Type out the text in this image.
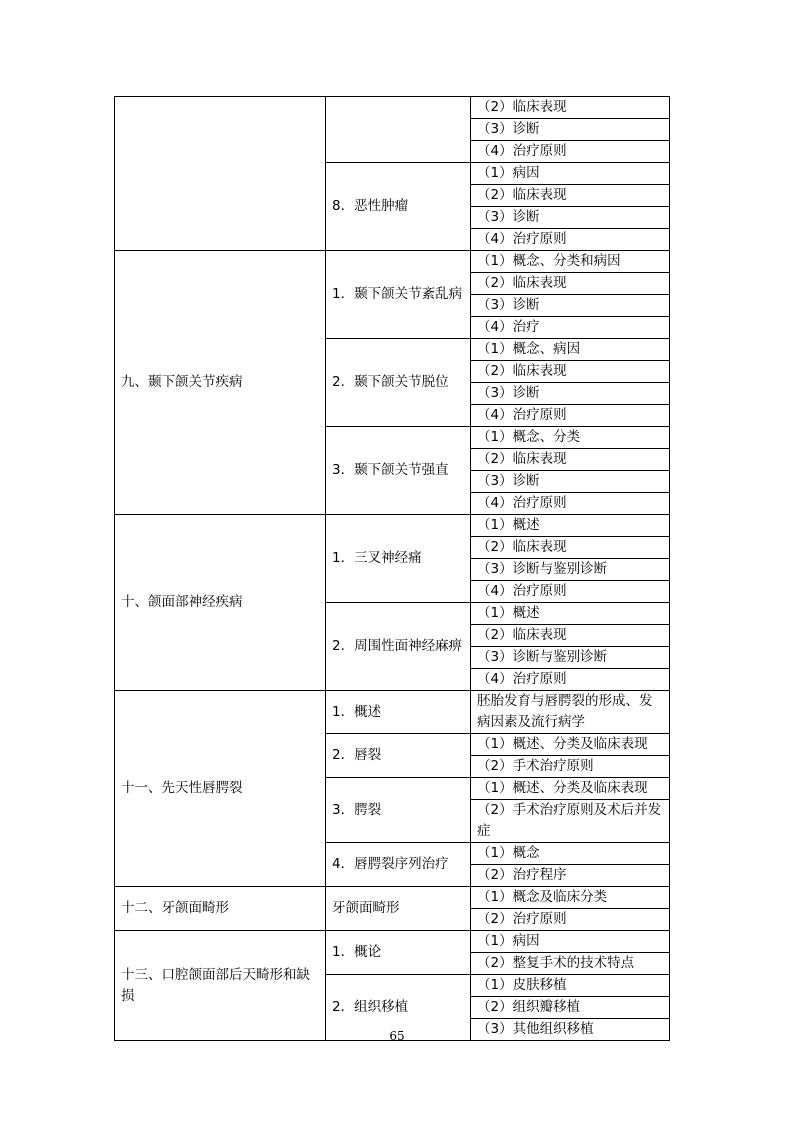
		（2）临床表现
		（3）诊断
		（4）治疗原则
	8．恶性肿瘤	（1）病因
		（2）临床表现
		（3）诊断
		（4）治疗原则
九、颞下颌关节疾病	1．颞下颌关节紊乱病	（1）概念、分类和病因
		（2）临床表现
		（3）诊断
		（4）治疗
	2．颞下颌关节脱位	（1）概念、病因
		（2）临床表现
		（3）诊断
		（4）治疗原则
	3．颞下颌关节强直	（1）概念、分类
		（2）临床表现
		（3）诊断
		（4）治疗原则
十、颌面部神经疾病	1．三叉神经痛	（1）概述
		（2）临床表现
		（3）诊断与鉴别诊断
		（4）治疗原则
	2．周围性面神经麻痹	（1）概述
		（2）临床表现
		（3）诊断与鉴别诊断
		（4）治疗原则
十一、先天性唇腭裂	1．概述	胚胎发育与唇腭裂的形成、发病因素及流行病学
	2．唇裂	（1）概述、分类及临床表现
		（2）手术治疗原则
	3．腭裂	（1）概述、分类及临床表现
		（2）手术治疗原则及术后并发症
	4．唇腭裂序列治疗	（1）概念
		（2）治疗程序
十二、牙颌面畸形	牙颌面畸形	（1）概念及临床分类
		（2）治疗原则
十三、口腔颌面部后天畸形和缺损	1．概论	（1）病因
		（2）整复手术的技术特点
	2．组织移植	（1）皮肤移植
		（2）组织瓣移植
		（3）其他组织移植
65
